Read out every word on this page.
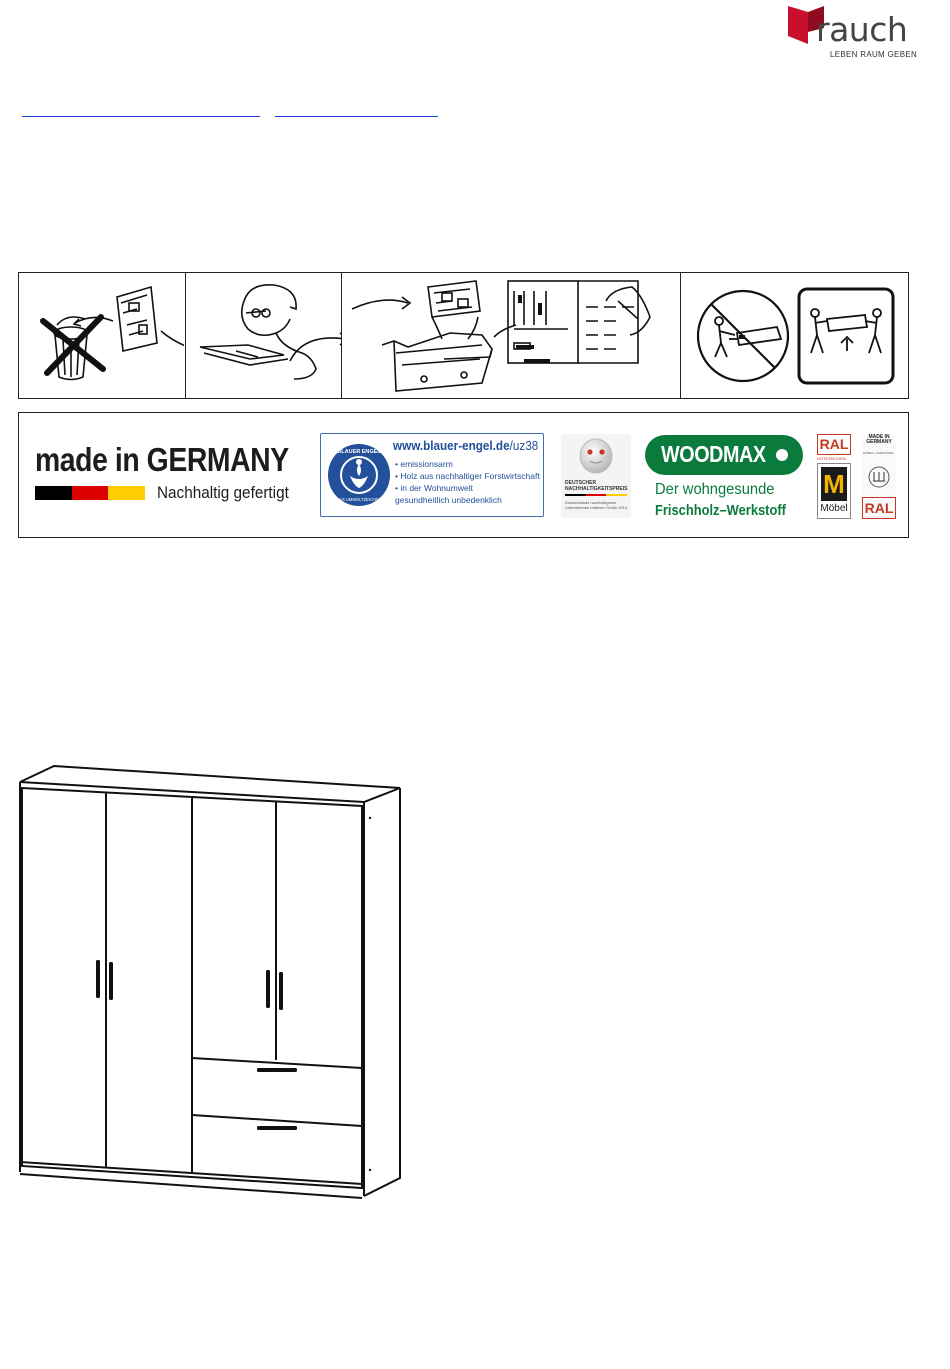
rauch
LEBEN RAUM GEBEN
made in GERMANY
Nachhaltig gefertigt
BLAUER ENGEL
DAS UMWELTZEICHEN
www.blauer-engel.de/uz38
• emissionsarm
• Holz aus nachhaltiger Forstwirtschaft
• in der Wohnumwelt gesundheitlich unbedenklich
DEUTSCHER NACHHALTIGKEITSPREIS
Deutschlands nachhaltigstes Unternehmen mittlerer Größe 2014
WOODMAX
Der wohngesunde
Frischholz–Werkstoff
RAL
GÜTEZEICHEN
M
Möbel
MADE IN GERMANY
MÖBEL • FURNITURE
RAL
